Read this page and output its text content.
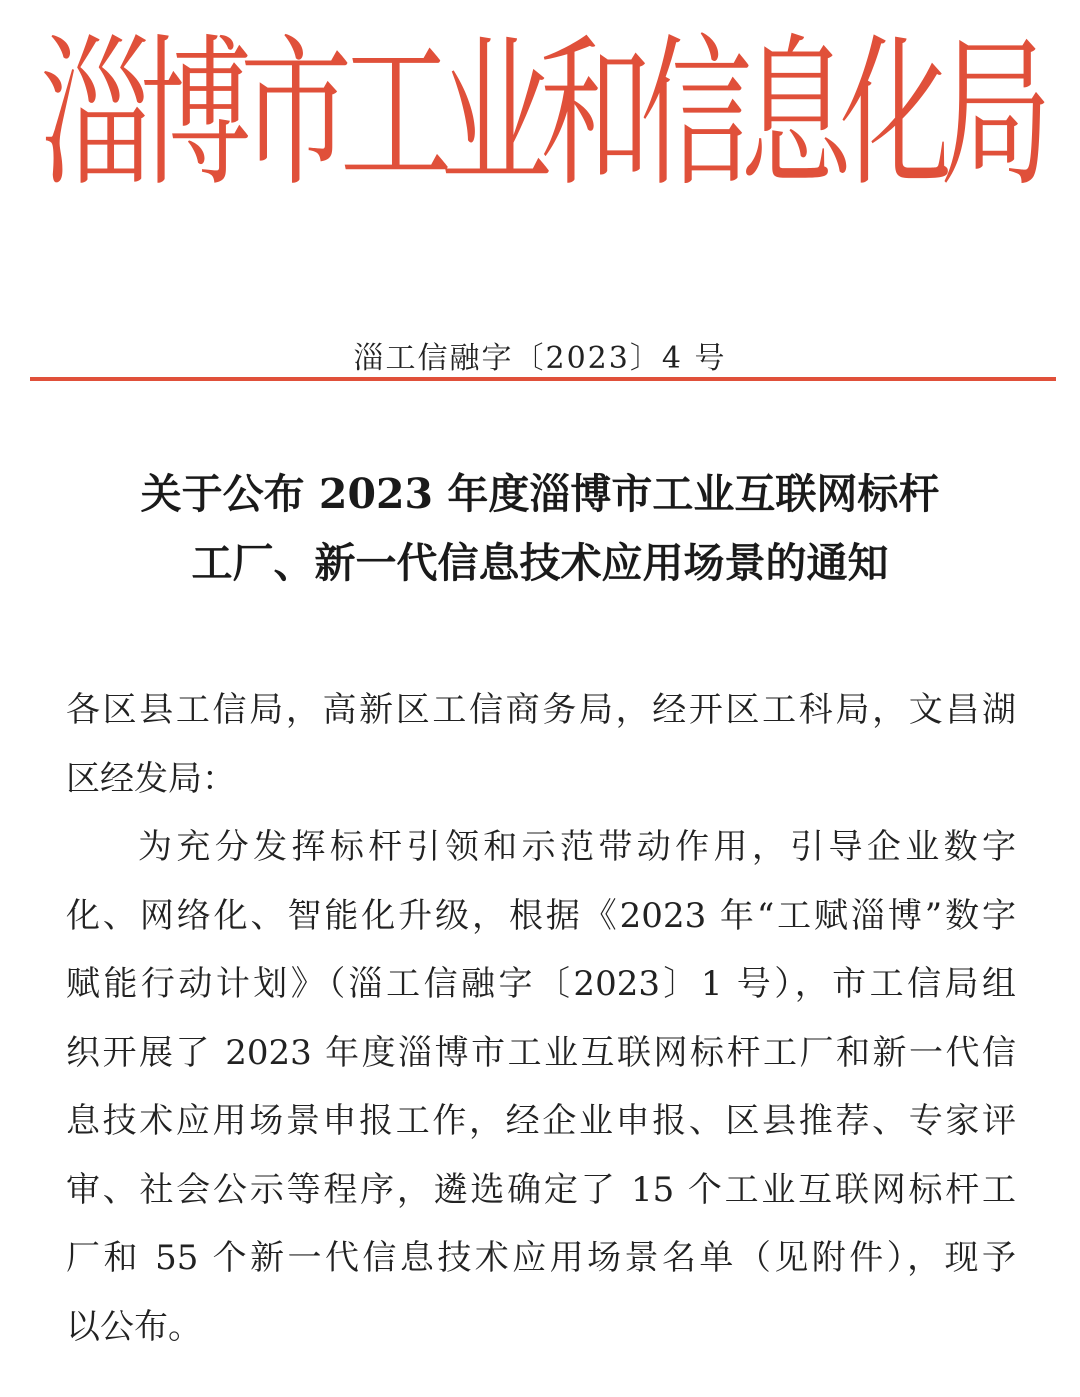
淄
博
市
工
业
和
信
息
化
局
淄工信融字〔2023〕4 号
关于公布 2023 年度淄博市工业互联网标杆
工厂、新一代信息技术应用场景的通知
各区县工信局，高新区工信商务局，经开区工科局，文昌湖
区经发局：
为充分发挥标杆引领和示范带动作用，引导企业数字
化、网络化、智能化升级，根据《2023 年“工赋淄博”数字
赋能行动计划》（淄工信融字〔2023〕1 号），市工信局组
织开展了 2023 年度淄博市工业互联网标杆工厂和新一代信
息技术应用场景申报工作，经企业申报、区县推荐、专家评
审、社会公示等程序，遴选确定了 15 个工业互联网标杆工
厂和 55 个新一代信息技术应用场景名单（见附件），现予
以公布。
